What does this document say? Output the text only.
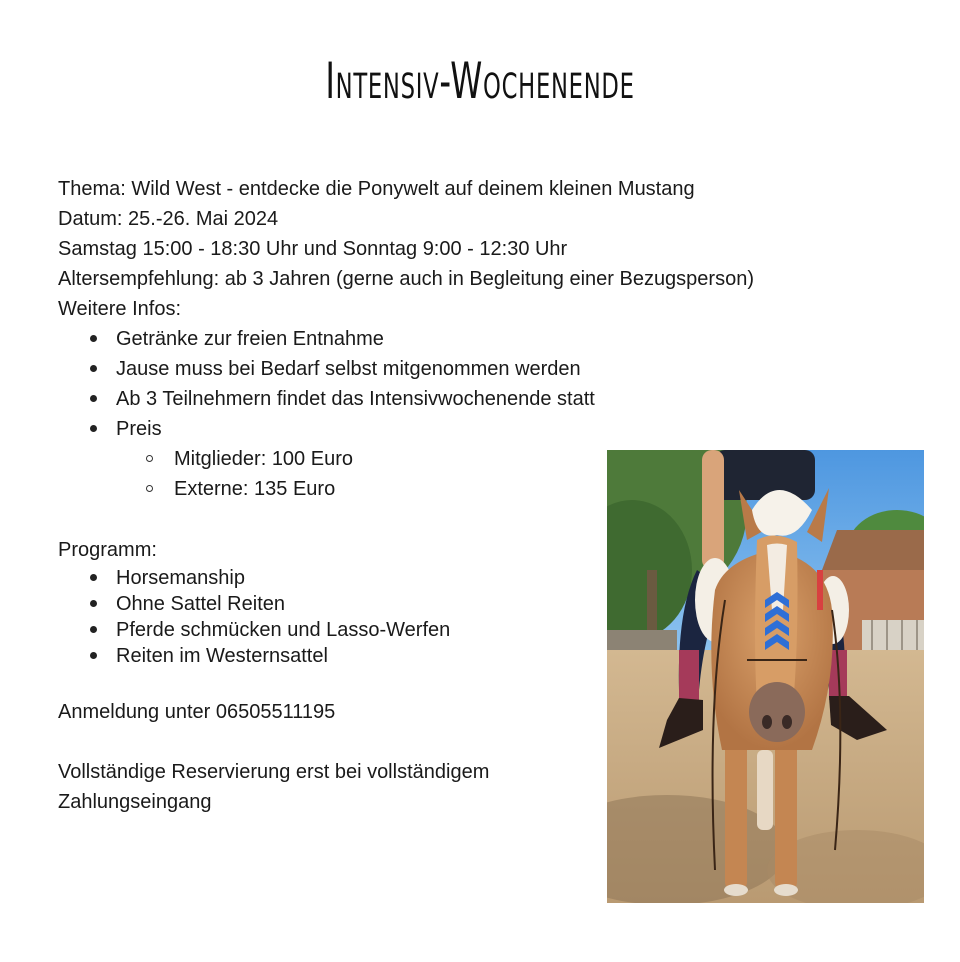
Intensiv-Wochenende
Thema: Wild West - entdecke die Ponywelt auf deinem kleinen Mustang
Datum: 25.-26. Mai 2024
Samstag 15:00 - 18:30 Uhr und Sonntag 9:00 - 12:30 Uhr
Altersempfehlung: ab 3 Jahren (gerne auch in Begleitung einer Bezugsperson)
Weitere Infos:
Getränke zur freien Entnahme
Jause muss bei Bedarf selbst mitgenommen werden
Ab 3 Teilnehmern findet das Intensivwochenende statt
Preis
Mitglieder: 100 Euro
Externe: 135 Euro
Programm:
Horsemanship
Ohne Sattel Reiten
Pferde schmücken und Lasso-Werfen
Reiten im Westernsattel
Anmeldung unter 06505511195
Vollständige Reservierung erst bei vollständigem
Zahlungseingang
